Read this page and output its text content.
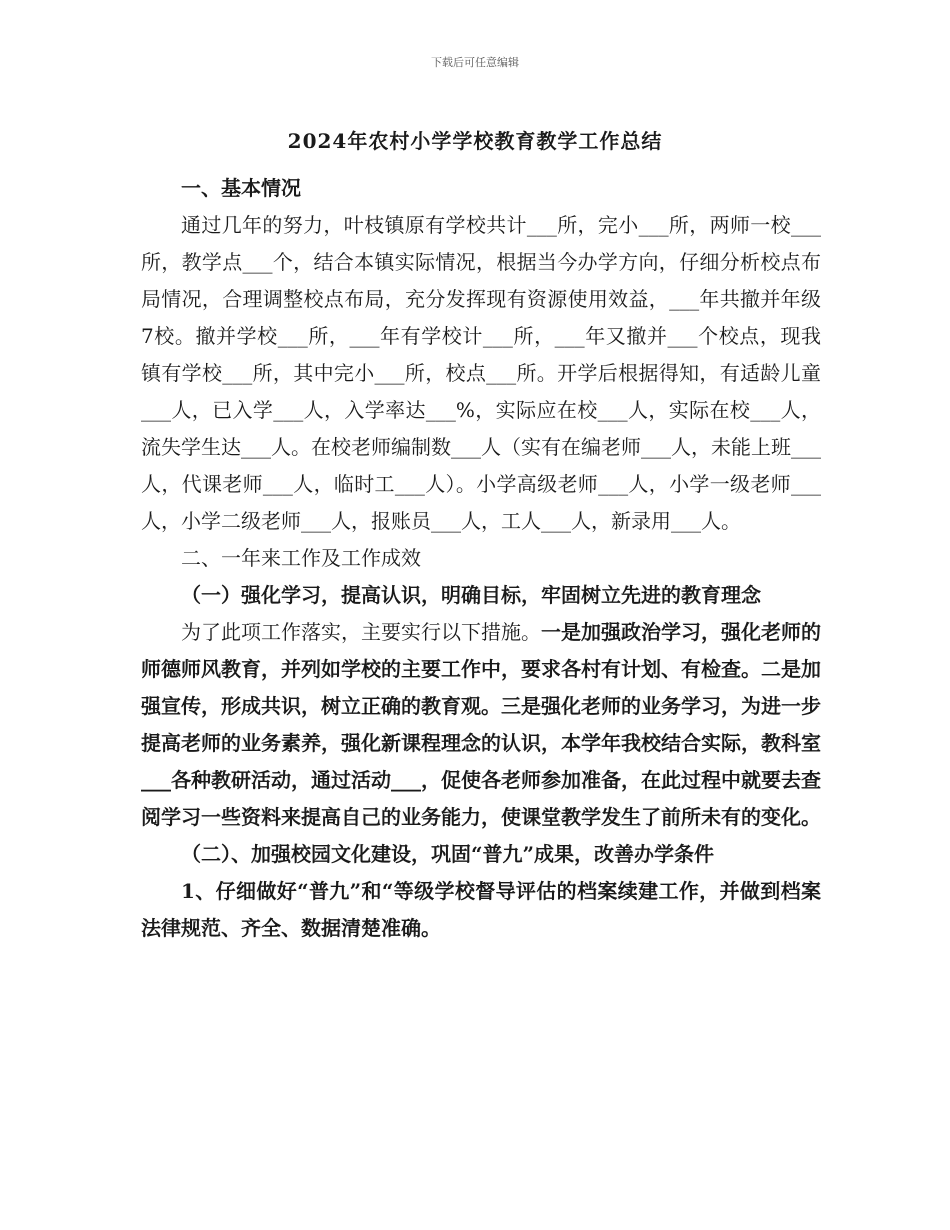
下载后可任意编辑
2024年农村小学学校教育教学工作总结

一、基本情况

通过几年的努力，叶枝镇原有学校共计___所，完小___所，两师一校___所，教学点___个，结合本镇实际情况，根据当今办学方向，仔细分析校点布局情况，合理调整校点布局，充分发挥现有资源使用效益，___年共撤并年级7校。撤并学校___所，___年有学校计___所，___年又撤并___个校点，现我镇有学校___所，其中完小___所，校点___所。开学后根据得知，有适龄儿童___人，已入学___人，入学率达___%，实际应在校___人，实际在校___人，流失学生达___人。在校老师编制数___人（实有在编老师___人，未能上班___人，代课老师___人，临时工___人）。小学高级老师___人，小学一级老师___人，小学二级老师___人，报账员___人，工人___人，新录用___人。

二、一年来工作及工作成效

（一）强化学习，提高认识，明确目标，牢固树立先进的教育理念

为了此项工作落实，主要实行以下措施。一是加强政治学习，强化老师的师德师风教育，并列如学校的主要工作中，要求各村有计划、有检查。二是加强宣传，形成共识，树立正确的教育观。三是强化老师的业务学习，为进一步提高老师的业务素养，强化新课程理念的认识，本学年我校结合实际，教科室___各种教研活动，通过活动___，促使各老师参加准备，在此过程中就要去查阅学习一些资料来提高自己的业务能力，使课堂教学发生了前所未有的变化。

（二）、加强校园文化建设，巩固“普九”成果，改善办学条件

1、仔细做好“普九”和“等级学校督导评估的档案续建工作，并做到档案法律规范、齐全、数据清楚准确。
